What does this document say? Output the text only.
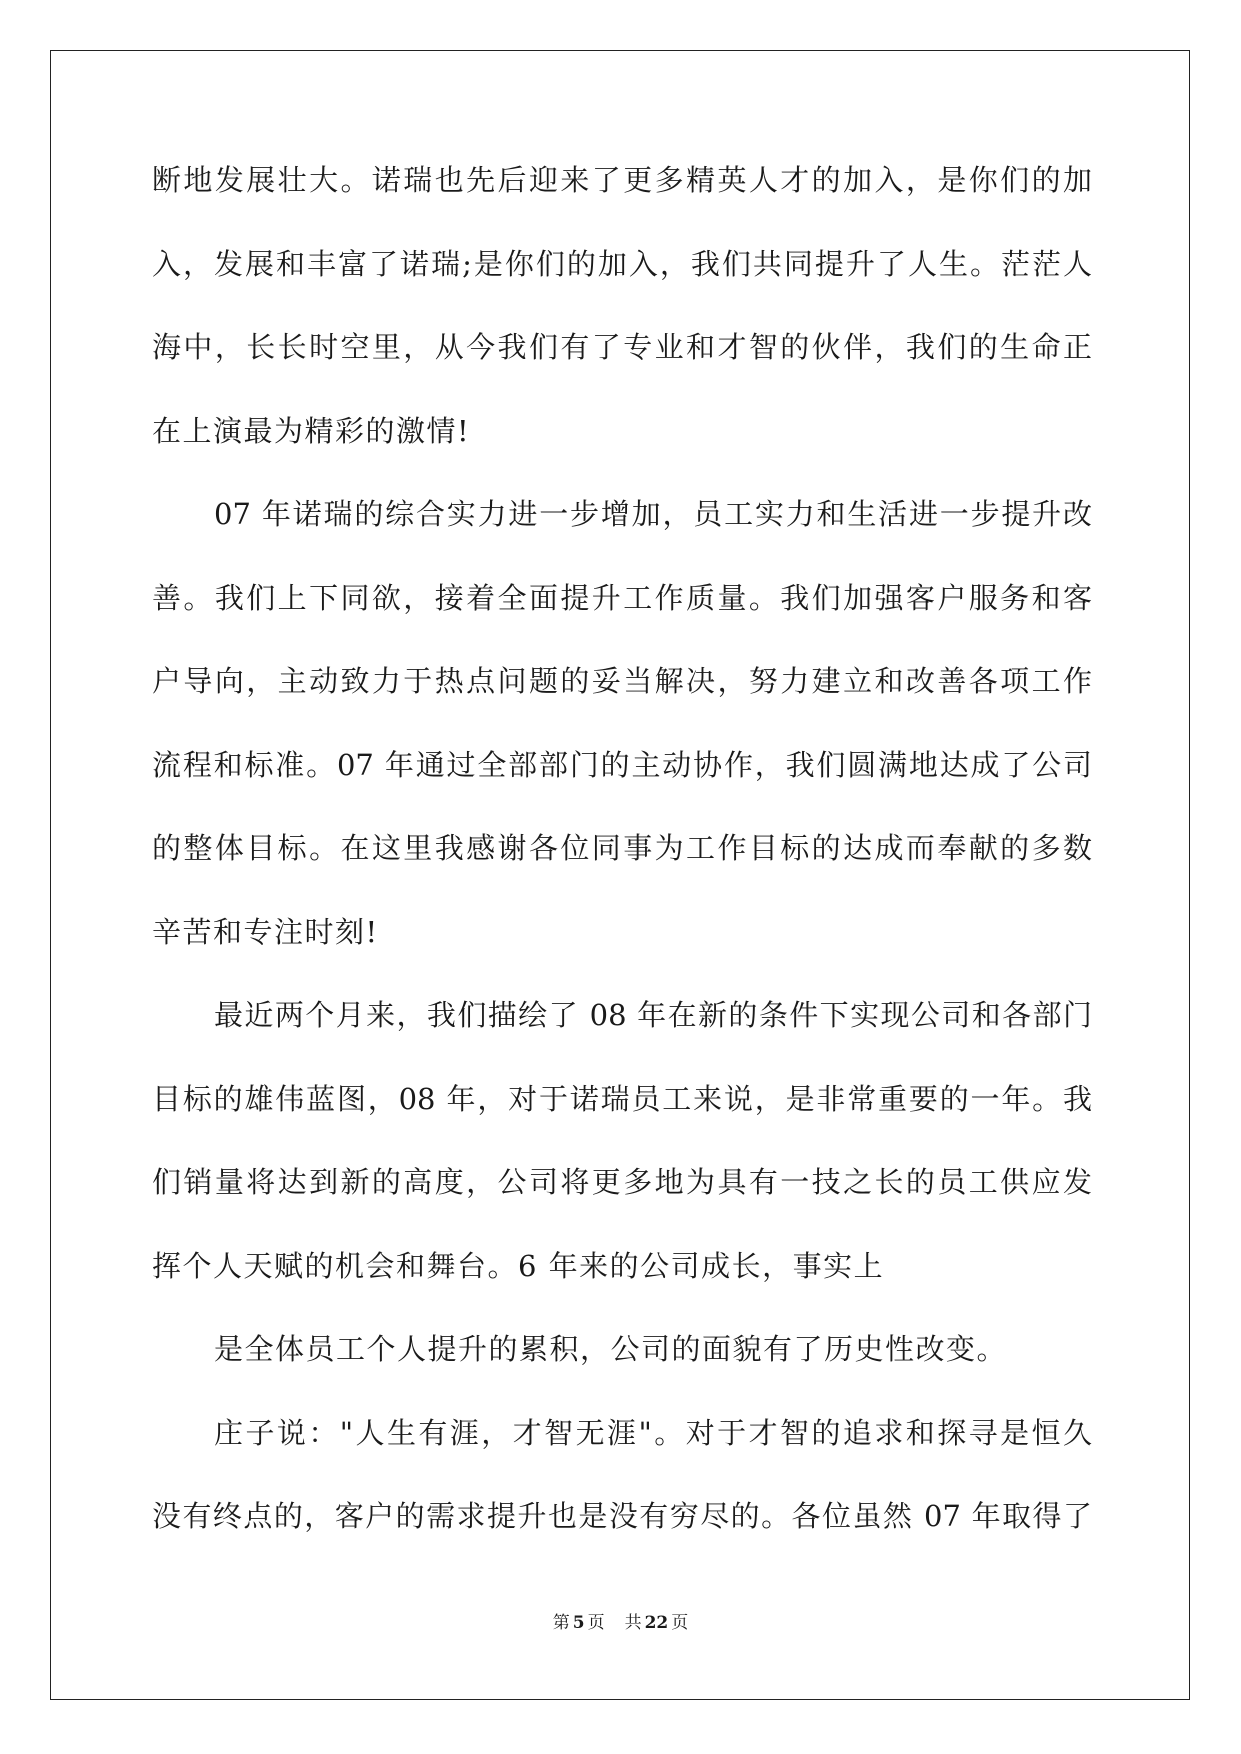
断地发展壮大。诺瑞也先后迎来了更多精英人才的加入，是你们的加
入，发展和丰富了诺瑞;是你们的加入，我们共同提升了人生。茫茫人
海中，长长时空里，从今我们有了专业和才智的伙伴，我们的生命正
在上演最为精彩的激情!
07 年诺瑞的综合实力进一步增加，员工实力和生活进一步提升改
善。我们上下同欲，接着全面提升工作质量。我们加强客户服务和客
户导向，主动致力于热点问题的妥当解决，努力建立和改善各项工作
流程和标准。07 年通过全部部门的主动协作，我们圆满地达成了公司
的整体目标。在这里我感谢各位同事为工作目标的达成而奉献的多数
辛苦和专注时刻!
最近两个月来，我们描绘了 08 年在新的条件下实现公司和各部门
目标的雄伟蓝图，08 年，对于诺瑞员工来说，是非常重要的一年。我
们销量将达到新的高度，公司将更多地为具有一技之长的员工供应发
挥个人天赋的机会和舞台。6 年来的公司成长，事实上
是全体员工个人提升的累积，公司的面貌有了历史性改变。
庄子说："人生有涯，才智无涯"。对于才智的追求和探寻是恒久
没有终点的，客户的需求提升也是没有穷尽的。各位虽然 07 年取得了
第 5 页 共 22 页
